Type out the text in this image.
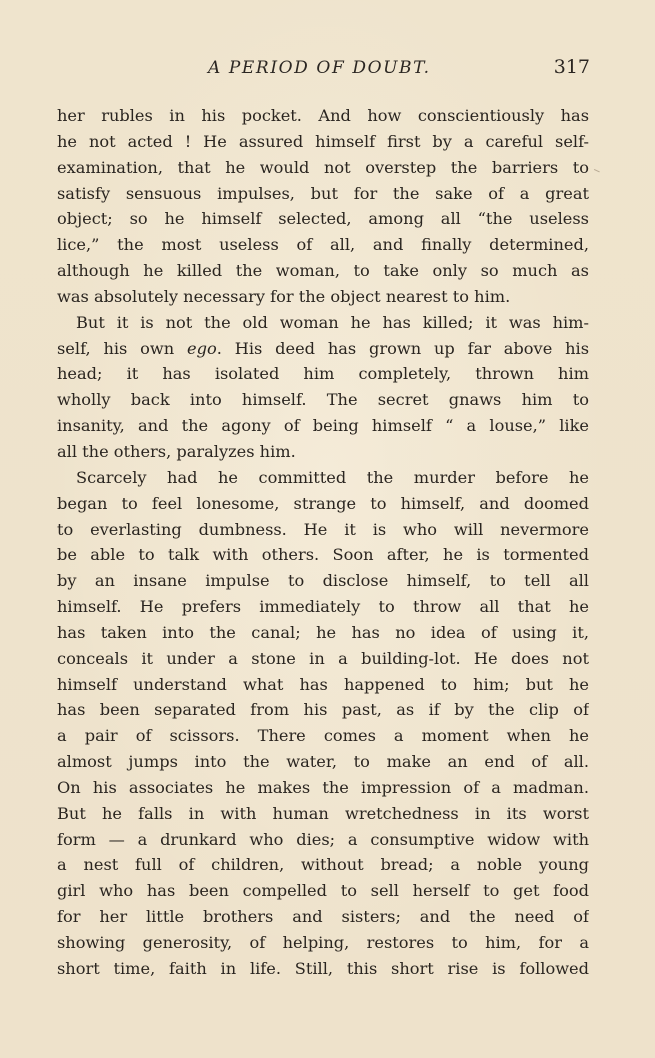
A PERIOD OF DOUBT.	317
her rubles in his pocket. And how conscientiously has
he not acted ! He assured himself first by a careful self-
examination, that he would not overstep the barriers to
satisfy sensuous impulses, but for the sake of a great
object; so he himself selected, among all “the useless
lice,” the most useless of all, and finally determined,
although he killed the woman, to take only so much as
was absolutely necessary for the object nearest to him.
But it is not the old woman he has killed; it was him-
self, his own ego. His deed has grown up far above his
head; it has isolated him completely, thrown him
wholly back into himself. The secret gnaws him to
insanity, and the agony of being himself “ a louse,” like
all the others, paralyzes him.
Scarcely had he committed the murder before he
began to feel lonesome, strange to himself, and doomed
to everlasting dumbness. He it is who will nevermore
be able to talk with others. Soon after, he is tormented
by an insane impulse to disclose himself, to tell all
himself. He prefers immediately to throw all that he
has taken into the canal; he has no idea of using it,
conceals it under a stone in a building-lot. He does not
himself understand what has happened to him; but he
has been separated from his past, as if by the clip of
a pair of scissors. There comes a moment when he
almost jumps into the water, to make an end of all.
On his associates he makes the impression of a madman.
But he falls in with human wretchedness in its worst
form — a drunkard who dies; a consumptive widow with
a nest full of children, without bread; a noble young
girl who has been compelled to sell herself to get food
for her little brothers and sisters; and the need of
showing generosity, of helping, restores to him, for a
short time, faith in life. Still, this short rise is followed
